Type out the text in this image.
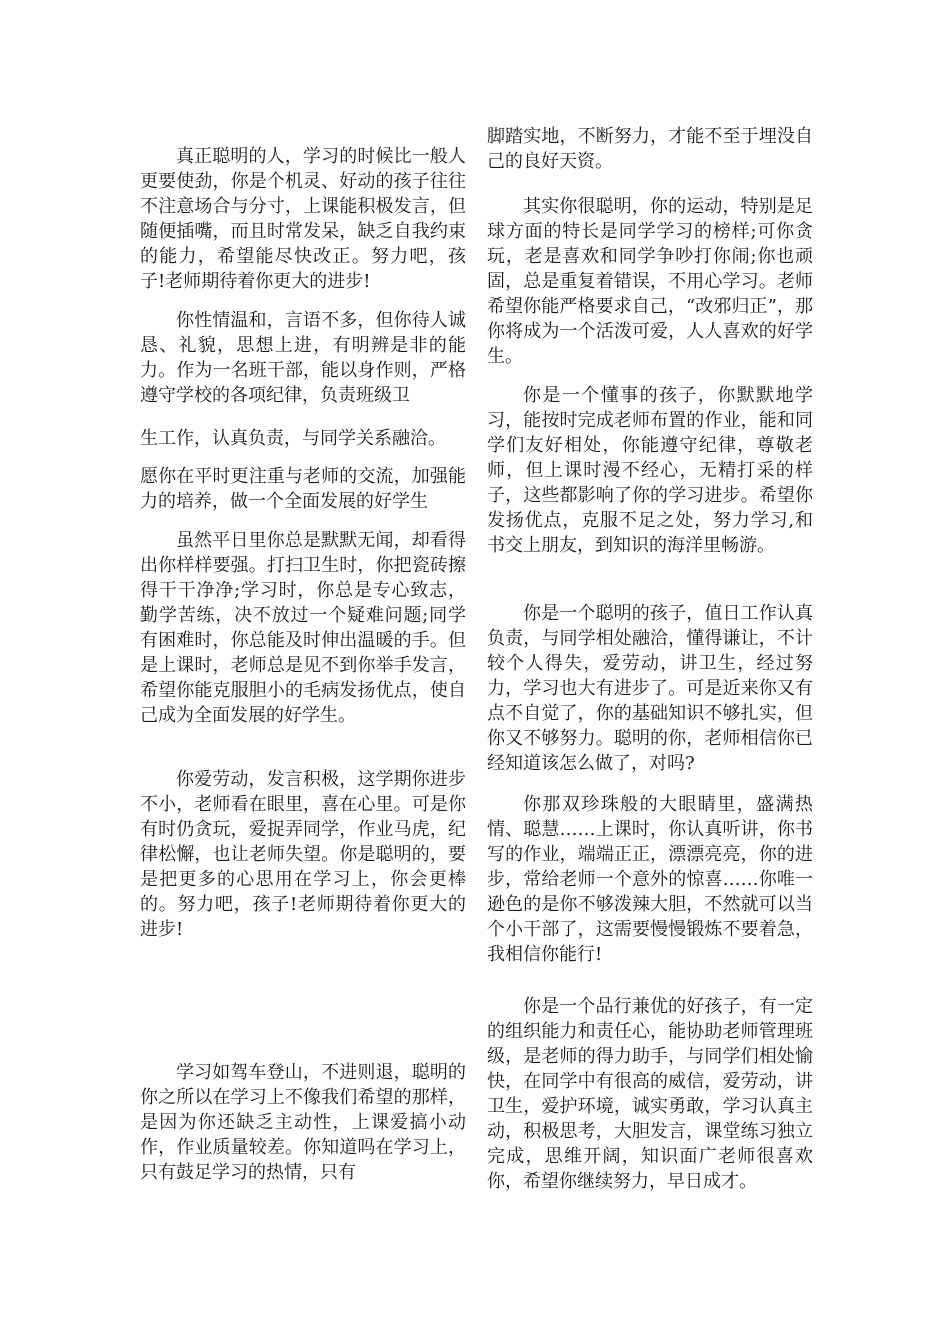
真正聪明的人，学习的时候比一般人更要使劲，你是个机灵、好动的孩子往往不注意场合与分寸，上课能积极发言，但随便插嘴，而且时常发呆，缺乏自我约束的能力，希望能尽快改正。努力吧，孩子!老师期待着你更大的进步!

你性情温和，言语不多，但你待人诚恳、礼貌，思想上进，有明辨是非的能力。作为一名班干部，能以身作则，严格遵守学校的各项纪律，负责班级卫

生工作，认真负责，与同学关系融洽。

愿你在平时更注重与老师的交流，加强能力的培养，做一个全面发展的好学生

虽然平日里你总是默默无闻，却看得出你样样要强。打扫卫生时，你把瓷砖擦得干干净净;学习时，你总是专心致志，勤学苦练，决不放过一个疑难问题;同学有困难时，你总能及时伸出温暖的手。但是上课时，老师总是见不到你举手发言，希望你能克服胆小的毛病发扬优点，使自己成为全面发展的好学生。

你爱劳动，发言积极，这学期你进步不小，老师看在眼里，喜在心里。可是你有时仍贪玩，爱捉弄同学，作业马虎，纪律松懈，也让老师失望。你是聪明的，要是把更多的心思用在学习上，你会更棒的。努力吧，孩子!老师期待着你更大的进步!

学习如驾车登山，不进则退，聪明的你之所以在学习上不像我们希望的那样，是因为你还缺乏主动性，上课爱搞小动作，作业质量较差。你知道吗在学习上，只有鼓足学习的热情，只有

脚踏实地，不断努力，才能不至于埋没自己的良好天资。

其实你很聪明，你的运动，特别是足球方面的特长是同学学习的榜样;可你贪玩，老是喜欢和同学争吵打你闹;你也顽固，总是重复着错误，不用心学习。老师希望你能严格要求自己，“改邪归正”，那你将成为一个活泼可爱，人人喜欢的好学生。

你是一个懂事的孩子，你默默地学习，能按时完成老师布置的作业，能和同学们友好相处，你能遵守纪律，尊敬老师，但上课时漫不经心，无精打采的样子，这些都影响了你的学习进步。希望你发扬优点，克服不足之处，努力学习,和书交上朋友，到知识的海洋里畅游。

你是一个聪明的孩子，值日工作认真负责，与同学相处融洽，懂得谦让，不计较个人得失，爱劳动，讲卫生，经过努力，学习也大有进步了。可是近来你又有点不自觉了，你的基础知识不够扎实，但你又不够努力。聪明的你，老师相信你已经知道该怎么做了，对吗?

你那双珍珠般的大眼睛里，盛满热情、聪慧……上课时，你认真听讲，你书写的作业，端端正正，漂漂亮亮，你的进步，常给老师一个意外的惊喜……你唯一逊色的是你不够泼辣大胆，不然就可以当个小干部了，这需要慢慢锻炼不要着急，我相信你能行!

你是一个品行兼优的好孩子，有一定的组织能力和责任心，能协助老师管理班级，是老师的得力助手，与同学们相处愉快，在同学中有很高的威信，爱劳动，讲卫生，爱护环境，诚实勇敢，学习认真主动，积极思考，大胆发言，课堂练习独立完成，思维开阔，知识面广老师很喜欢你，希望你继续努力，早日成才。
